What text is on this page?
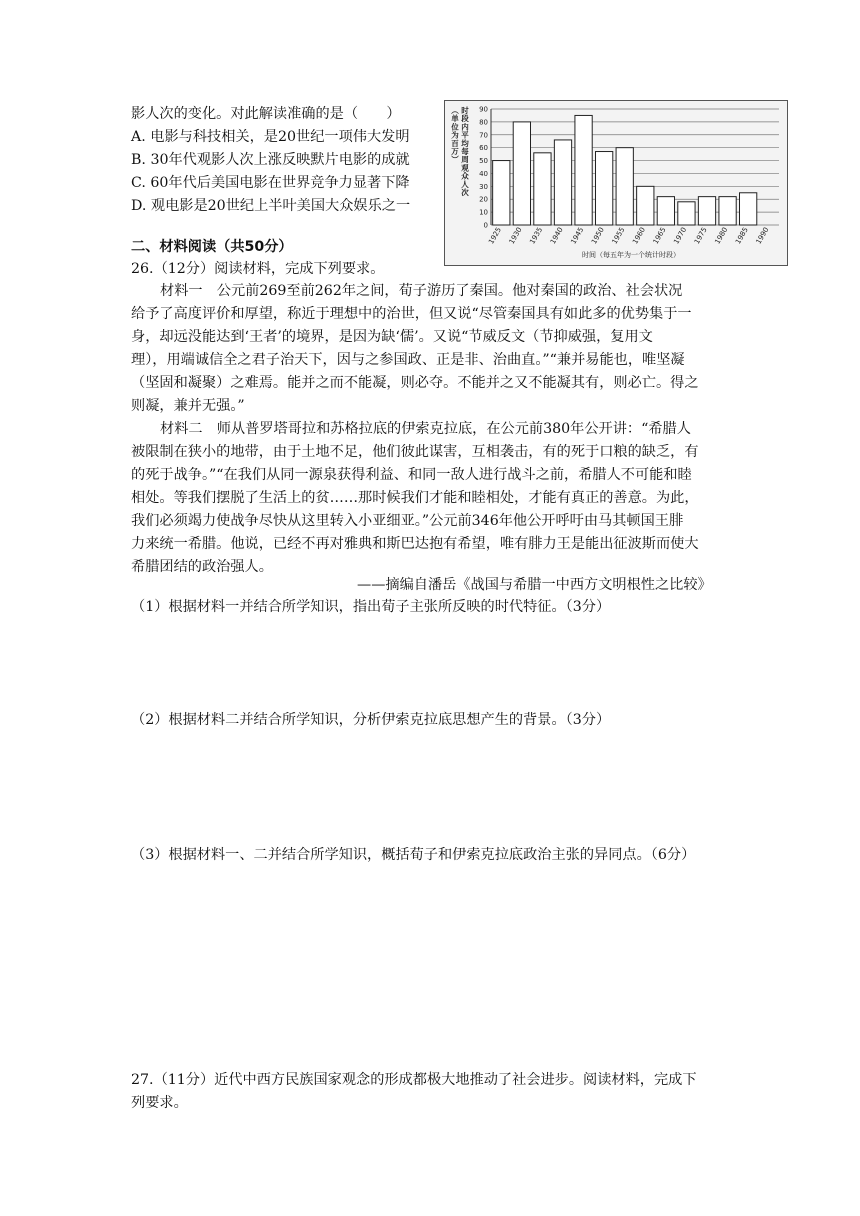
影人次的变化。对此解读准确的是（　　）
A. 电影与科技相关，是20世纪一项伟大发明
B. 30年代观影人次上涨反映默片电影的成就
C. 60年代后美国电影在世界竞争力显著下降
D. 观电影是20世纪上半叶美国大众娱乐之一
0
10
20
30
40
50
60
70
80
90
1925 1930 1935 1940 1945 1950 1955 1960 1965 1970 1975 1980 1985 1990
时
段
内
平
均
每
周
观
众
人
次
︵
单
位
为
百
万
︶
时间（每五年为一个统计时段）
二、材料阅读（共50分）
26.（12分）阅读材料，完成下列要求。
材料一　公元前269至前262年之间，荀子游历了秦国。他对秦国的政治、社会状况
给予了高度评价和厚望，称近于理想中的治世，但又说“尽管秦国具有如此多的优势集于一
身，却远没能达到‘王者’的境界，是因为缺‘儒’。又说“节威反文（节抑威强，复用文
理），用端诚信全之君子治天下，因与之参国政、正是非、治曲直。”“兼并易能也，唯坚凝
（坚固和凝聚）之难焉。能并之而不能凝，则必夺。不能并之又不能凝其有，则必亡。得之
则凝，兼并无强。”
材料二　师从普罗塔哥拉和苏格拉底的伊索克拉底，在公元前380年公开讲：“希腊人
被限制在狭小的地带，由于土地不足，他们彼此谋害，互相袭击，有的死于口粮的缺乏，有
的死于战争。”“在我们从同一源泉获得利益、和同一敌人进行战斗之前，希腊人不可能和睦
相处。等我们摆脱了生活上的贫……那时候我们才能和睦相处，才能有真正的善意。为此，
我们必须竭力使战争尽快从这里转入小亚细亚。”公元前346年他公开呼吁由马其顿国王腓
力来统一希腊。他说，已经不再对雅典和斯巴达抱有希望，唯有腓力王是能出征波斯而使大
希腊团结的政治强人。
——摘编自潘岳《战国与希腊一中西方文明根性之比较》
（1）根据材料一并结合所学知识，指出荀子主张所反映的时代特征。（3分）
（2）根据材料二并结合所学知识，分析伊索克拉底思想产生的背景。（3分）
（3）根据材料一、二并结合所学知识，概括荀子和伊索克拉底政治主张的异同点。（6分）
27.（11分）近代中西方民族国家观念的形成都极大地推动了社会进步。阅读材料，完成下
列要求。
